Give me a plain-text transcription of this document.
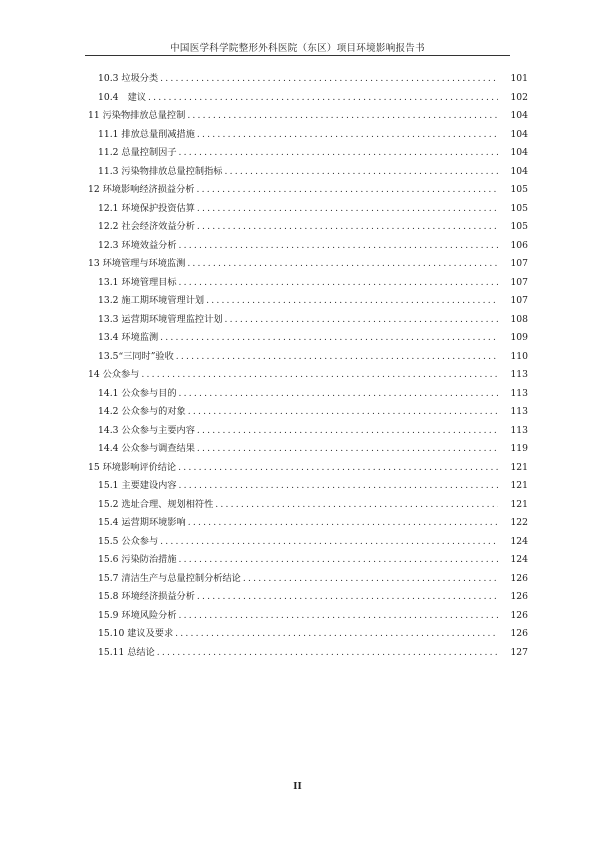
中国医学科学院整形外科医院（东区）项目环境影响报告书
10.3 垃圾分类 .....	101
10.4　建议 .....	102
11 污染物排放总量控制 .....	104
11.1 排放总量削减措施 .....	104
11.2 总量控制因子 .....	104
11.3 污染物排放总量控制指标 .....	104
12 环境影响经济损益分析 .....	105
12.1 环境保护投资估算 .....	105
12.2 社会经济效益分析 .....	105
12.3 环境效益分析 .....	106
13 环境管理与环境监测 .....	107
13.1 环境管理目标 .....	107
13.2 施工期环境管理计划 .....	107
13.3 运营期环境管理监控计划 .....	108
13.4 环境监测 .....	109
13.5“三同时”验收 .....	110
14 公众参与 .....	113
14.1 公众参与目的 .....	113
14.2 公众参与的对象 .....	113
14.3 公众参与主要内容 .....	113
14.4 公众参与调查结果 .....	119
15 环境影响评价结论 .....	121
15.1 主要建设内容 .....	121
15.2 选址合理、规划相符性 .....	121
15.4 运营期环境影响 .....	122
15.5 公众参与 .....	124
15.6 污染防治措施 .....	124
15.7 清洁生产与总量控制分析结论 .....	126
15.8 环境经济损益分析 .....	126
15.9 环境风险分析 .....	126
15.10 建议及要求 .....	126
15.11 总结论 .....	127
II
